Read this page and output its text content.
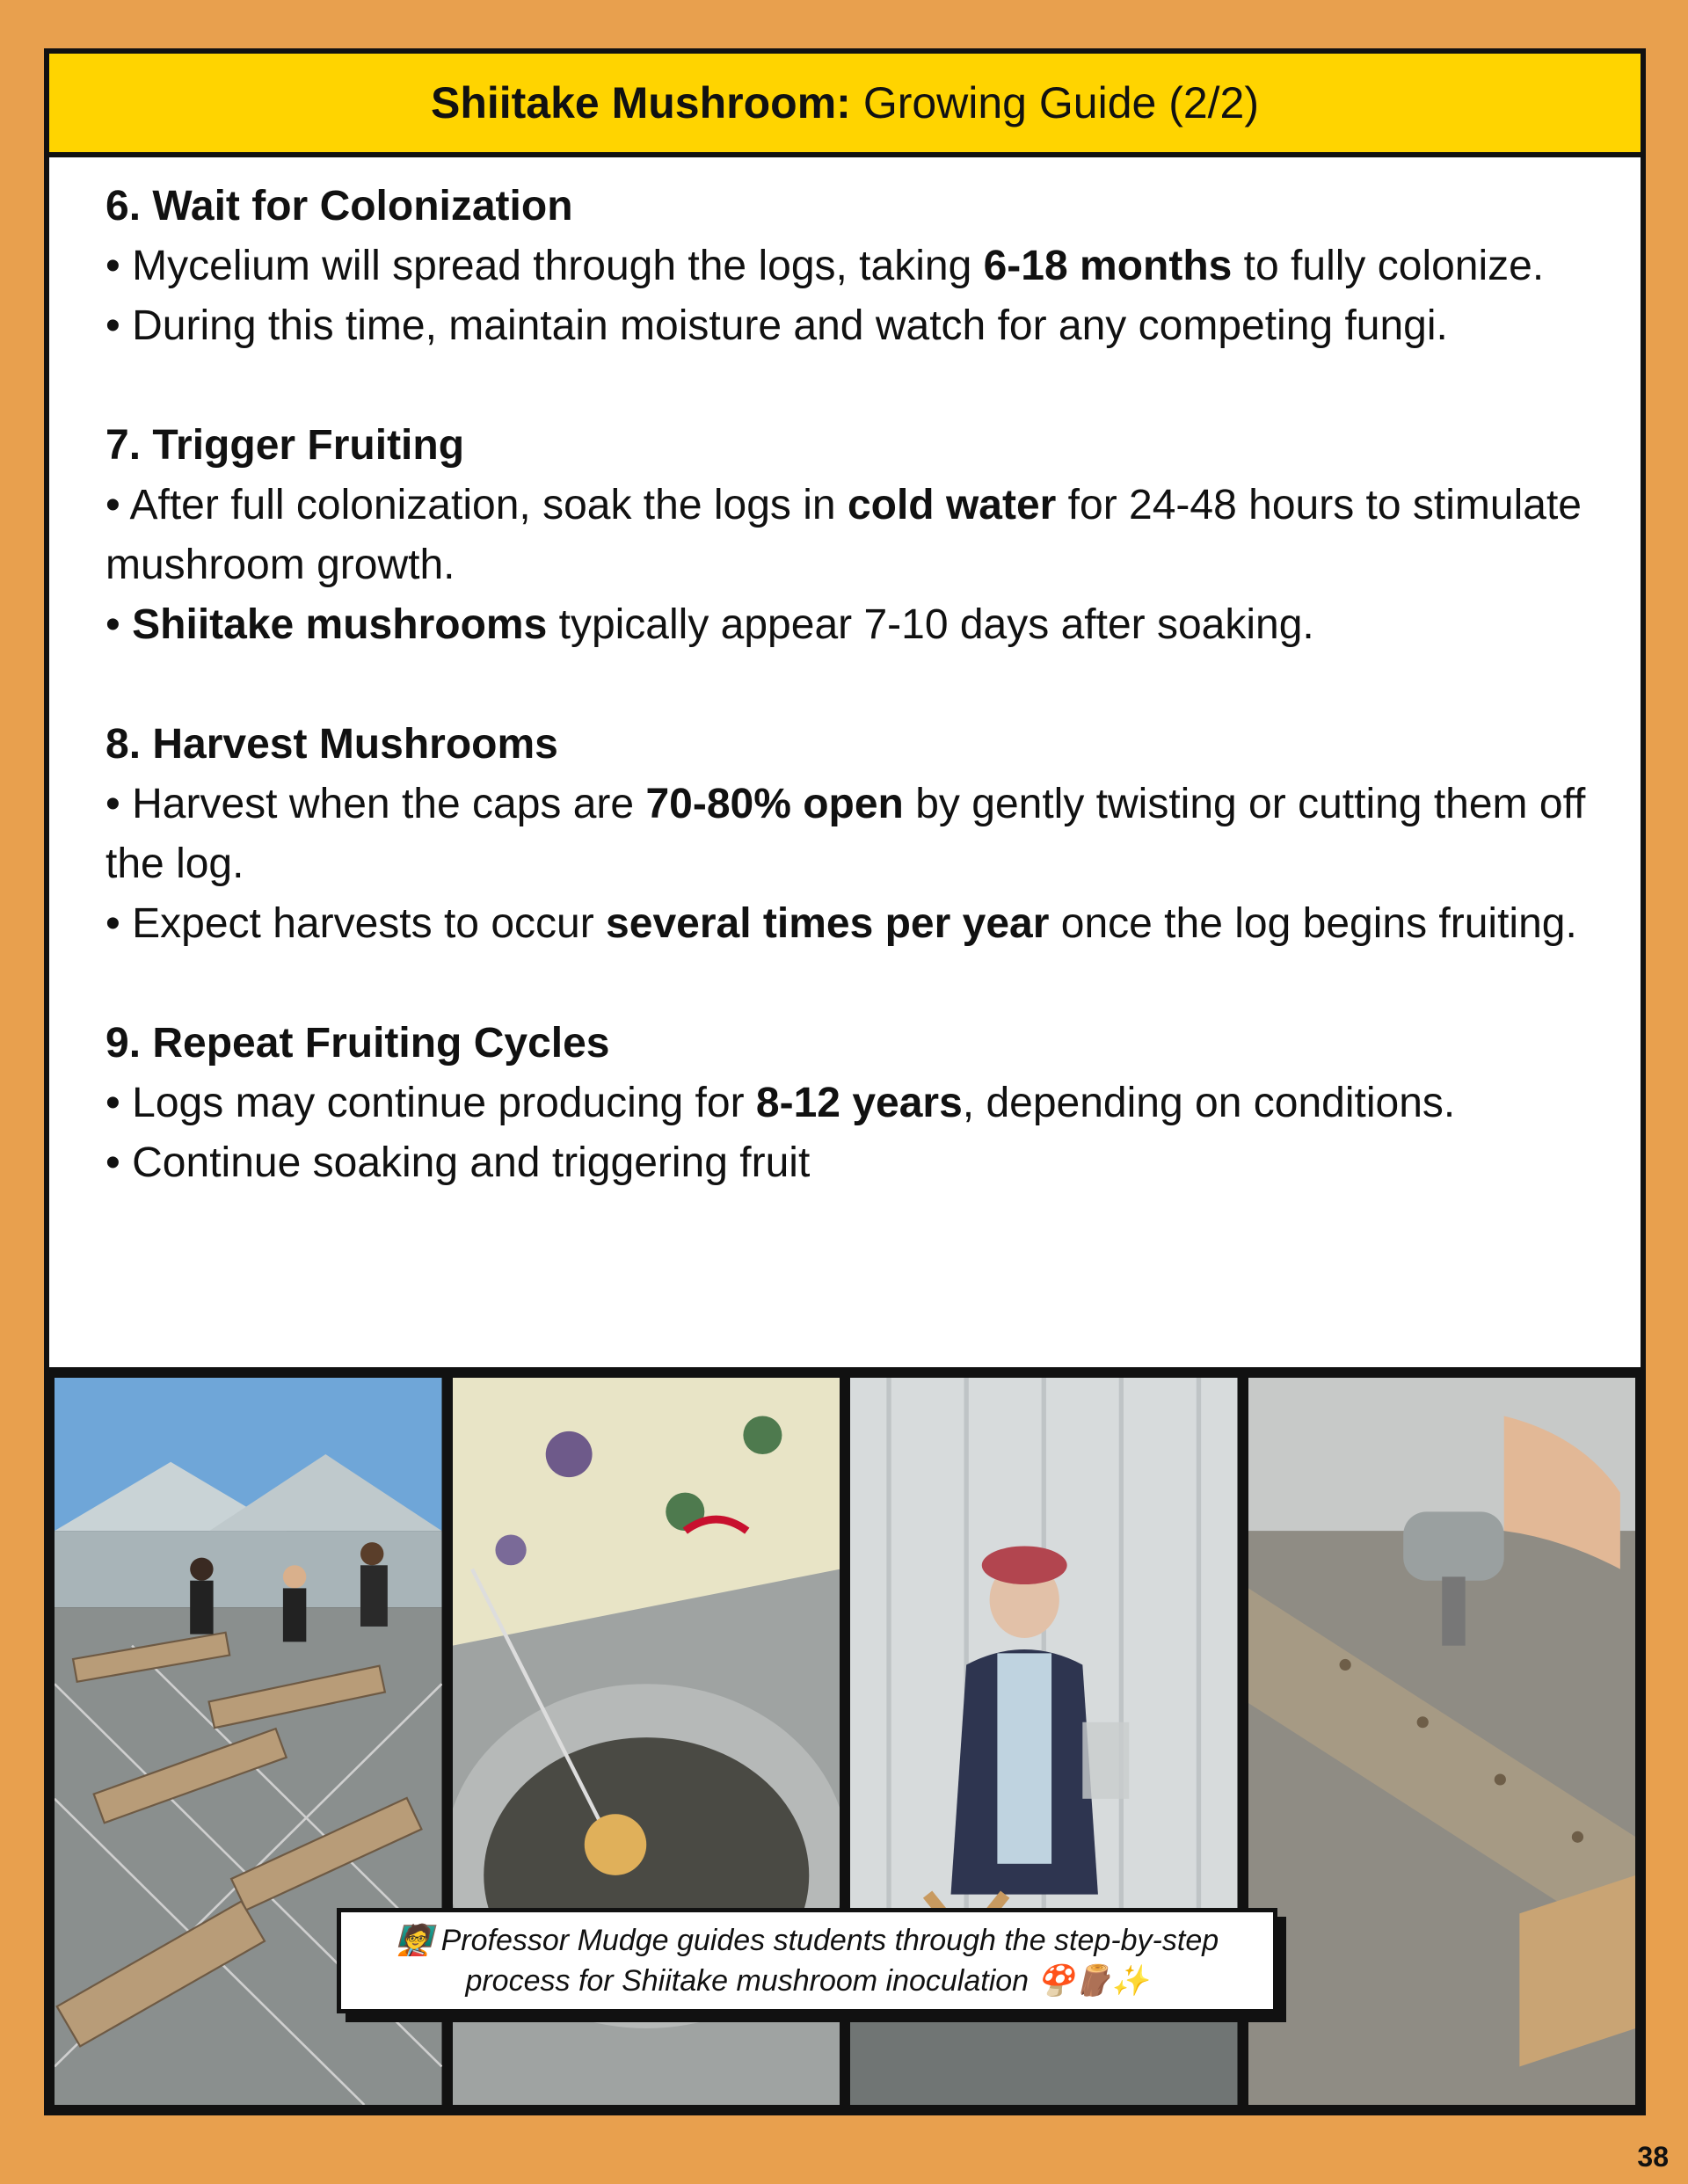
Shiitake Mushroom: Growing Guide (2/2)
6. Wait for Colonization

• Mycelium will spread through the logs, taking 6-18 months to fully colonize.

• During this time, maintain moisture and watch for any competing fungi.

7. Trigger Fruiting

• After full colonization, soak the logs in cold water for 24-48 hours to stimulate mushroom growth.

• Shiitake mushrooms typically appear 7-10 days after soaking.

8. Harvest Mushrooms

• Harvest when the caps are 70-80% open by gently twisting or cutting them off the log.

• Expect harvests to occur several times per year once the log begins fruiting.

9. Repeat Fruiting Cycles

• Logs may continue producing for 8-12 years, depending on conditions.

• Continue soaking and triggering fruit

🧑‍🏫 Professor Mudge guides students through the step-by-step
process for Shiitake mushroom inoculation 🍄🪵✨
38
